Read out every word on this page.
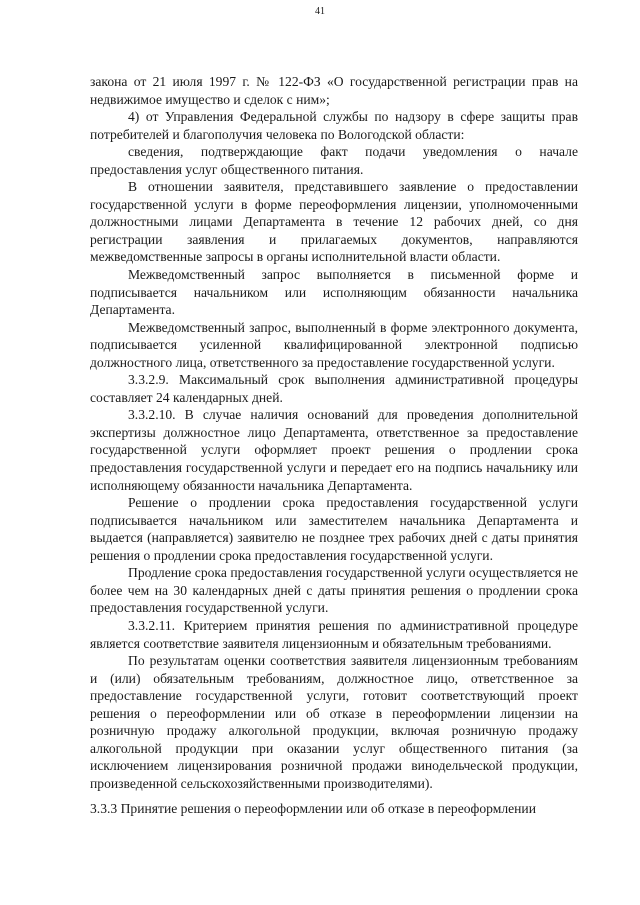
41

закона от 21 июля 1997 г. № 122-ФЗ «О государственной регистрации прав на недвижимое имущество и сделок с ним»;

4) от Управления Федеральной службы по надзору в сфере защиты прав потребителей и благополучия человека по Вологодской области:

сведения, подтверждающие факт подачи уведомления о начале предоставления услуг общественного питания.

В отношении заявителя, представившего заявление о предоставлении государственной услуги в форме переоформления лицензии, уполномоченными должностными лицами Департамента в течение 12 рабочих дней, со дня регистрации заявления и прилагаемых документов, направляются межведомственные запросы в органы исполнительной власти области.

Межведомственный запрос выполняется в письменной форме и подписывается начальником или исполняющим обязанности начальника Департамента.

Межведомственный запрос, выполненный в форме электронного документа, подписывается усиленной квалифицированной электронной подписью должностного лица, ответственного за предоставление государственной услуги.

3.3.2.9. Максимальный срок выполнения административной процедуры составляет 24 календарных дней.

3.3.2.10. В случае наличия оснований для проведения дополнительной экспертизы должностное лицо Департамента, ответственное за предоставление государственной услуги оформляет проект решения о продлении срока предоставления государственной услуги и передает его на подпись начальнику или исполняющему обязанности начальника Департамента.

Решение о продлении срока предоставления государственной услуги подписывается начальником или заместителем начальника Департамента и выдается (направляется) заявителю не позднее трех рабочих дней с даты принятия решения о продлении срока предоставления государственной услуги.

Продление срока предоставления государственной услуги осуществляется не более чем на 30 календарных дней с даты принятия решения о продлении срока предоставления государственной услуги.

3.3.2.11. Критерием принятия решения по административной процедуре является соответствие заявителя лицензионным и обязательным требованиями.

По результатам оценки соответствия заявителя лицензионным требованиям и (или) обязательным требованиям, должностное лицо, ответственное за предоставление государственной услуги, готовит соответствующий проект решения о переоформлении или об отказе в переоформлении лицензии на розничную продажу алкогольной продукции, включая розничную продажу алкогольной продукции при оказании услуг общественного питания (за исключением лицензирования розничной продажи винодельческой продукции, произведенной сельскохозяйственными производителями).

3.3.3 Принятие решения о переоформлении или об отказе в переоформлении
